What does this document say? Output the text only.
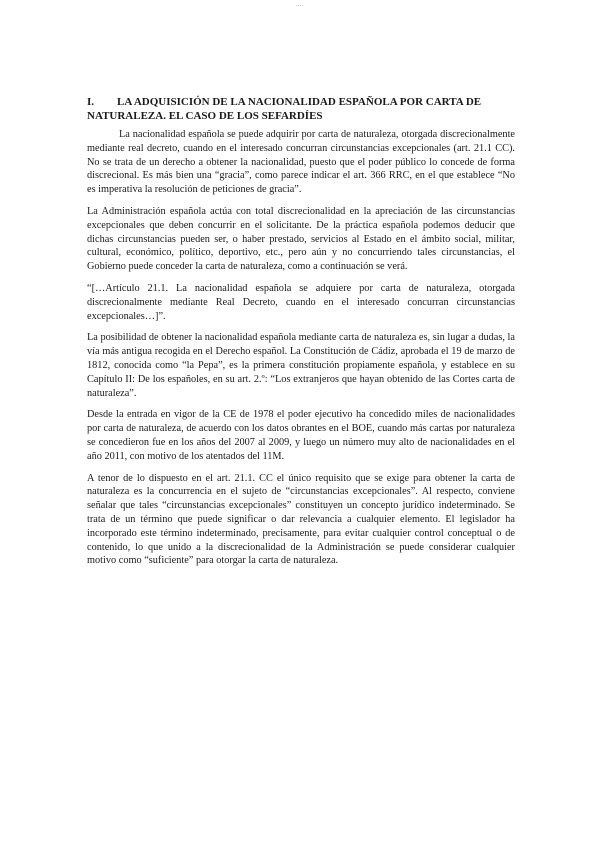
....
I. LA ADQUISICIÓN DE LA NACIONALIDAD ESPAÑOLA POR CARTA DE NATURALEZA. EL CASO DE LOS SEFARDÍES

La nacionalidad española se puede adquirir por carta de naturaleza, otorgada discrecionalmente mediante real decreto, cuando en el interesado concurran circunstancias excepcionales (art. 21.1 CC). No se trata de un derecho a obtener la nacionalidad, puesto que el poder público lo concede de forma discrecional. Es más bien una “gracia”, como parece indicar el art. 366 RRC, en el que establece “No es imperativa la resolución de peticiones de gracia”.

La Administración española actúa con total discrecionalidad en la apreciación de las circunstancias excepcionales que deben concurrir en el solicitante. De la práctica española podemos deducir que dichas circunstancias pueden ser, o haber prestado, servicios al Estado en el ámbito social, militar, cultural, económico, político, deportivo, etc., pero aún y no concurriendo tales circunstancias, el Gobierno puede conceder la carta de naturaleza, como a continuación se verá.

“[…Artículo 21.1. La nacionalidad española se adquiere por carta de naturaleza, otorgada discrecionalmente mediante Real Decreto, cuando en el interesado concurran circunstancias excepcionales…]”.

La posibilidad de obtener la nacionalidad española mediante carta de naturaleza es, sin lugar a dudas, la vía más antigua recogida en el Derecho español. La Constitución de Cádiz, aprobada el 19 de marzo de 1812, conocida como “la Pepa”, es la primera constitución propiamente española, y establece en su Capítulo II: De los españoles, en su art. 2.º: “Los extranjeros que hayan obtenido de las Cortes carta de naturaleza”.

Desde la entrada en vigor de la CE de 1978 el poder ejecutivo ha concedido miles de nacionalidades por carta de naturaleza, de acuerdo con los datos obrantes en el BOE, cuando más cartas por naturaleza se concedieron fue en los años del 2007 al 2009, y luego un número muy alto de nacionalidades en el año 2011, con motivo de los atentados del 11M.

A tenor de lo dispuesto en el art. 21.1. CC el único requisito que se exige para obtener la carta de naturaleza es la concurrencia en el sujeto de “circunstancias excepcionales”. Al respecto, conviene señalar que tales “circunstancias excepcionales” constituyen un concepto jurídico indeterminado. Se trata de un término que puede significar o dar relevancia a cualquier elemento. El legislador ha incorporado este término indeterminado, precisamente, para evitar cualquier control conceptual o de contenido, lo que unido a la discrecionalidad de la Administración se puede considerar cualquier motivo como “suficiente” para otorgar la carta de naturaleza.
